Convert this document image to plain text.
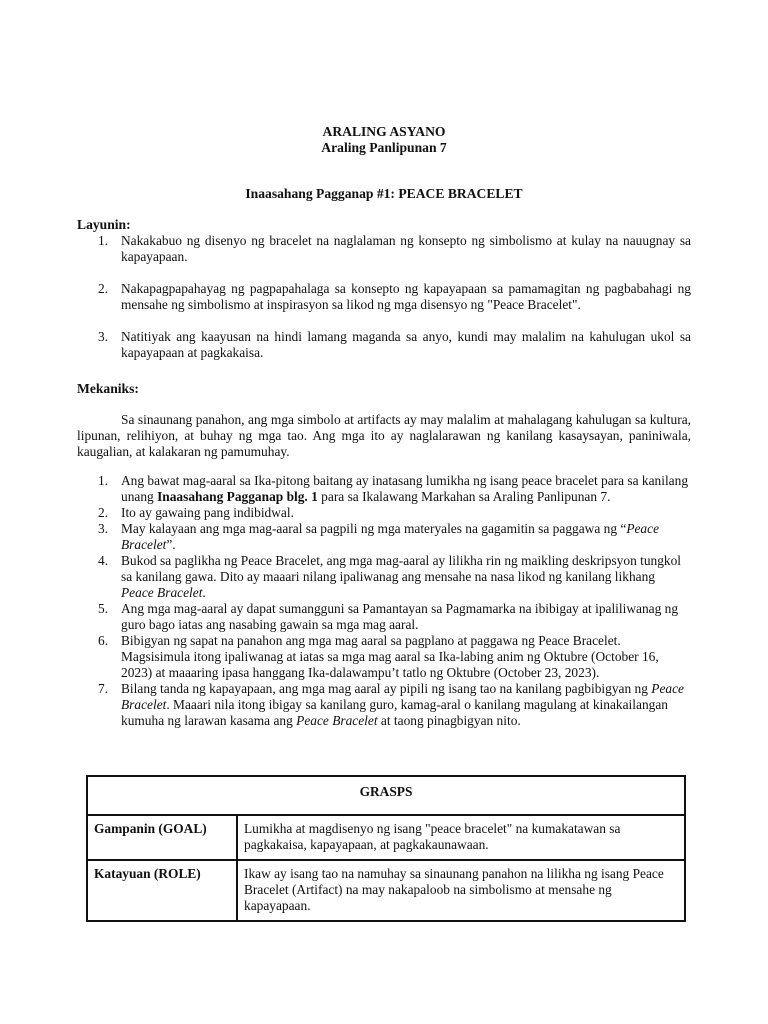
ARALING ASYANO
Araling Panlipunan 7
Inaasahang Pagganap #1: PEACE BRACELET
Layunin:
1. Nakakabuo ng disenyo ng bracelet na naglalaman ng konsepto ng simbolismo at kulay na nauugnay sa kapayapaan.
2. Nakapagpapahayag ng pagpapahalaga sa konsepto ng kapayapaan sa pamamagitan ng pagbabahagi ng mensahe ng simbolismo at inspirasyon sa likod ng mga disensyo ng "Peace Bracelet".
3. Natitiyak ang kaayusan na hindi lamang maganda sa anyo, kundi may malalim na kahulugan ukol sa kapayapaan at pagkakaisa.
Mekaniks:

Sa sinaunang panahon, ang mga simbolo at artifacts ay may malalim at mahalagang kahulugan sa kultura, lipunan, relihiyon, at buhay ng mga tao. Ang mga ito ay naglalarawan ng kanilang kasaysayan, paniniwala, kaugalian, at kalakaran ng pamumuhay.

1. Ang bawat mag-aaral sa Ika-pitong baitang ay inatasang lumikha ng isang peace bracelet para sa kanilang unang Inaasahang Pagganap blg. 1 para sa Ikalawang Markahan sa Araling Panlipunan 7.
2. Ito ay gawaing pang indibidwal.
3. May kalayaan ang mga mag-aaral sa pagpili ng mga materyales na gagamitin sa paggawa ng “Peace Bracelet”.
4. Bukod sa paglikha ng Peace Bracelet, ang mga mag-aaral ay lilikha rin ng maikling deskripsyon tungkol sa kanilang gawa. Dito ay maaari nilang ipaliwanag ang mensahe na nasa likod ng kanilang likhang Peace Bracelet.
5. Ang mga mag-aaral ay dapat sumangguni sa Pamantayan sa Pagmamarka na ibibigay at ipaliliwanag ng guro bago iatas ang nasabing gawain sa mga mag aaral.
6. Bibigyan ng sapat na panahon ang mga mag aaral sa pagplano at paggawa ng Peace Bracelet. Magsisimula itong ipaliwanag at iatas sa mga mag aaral sa Ika-labing anim ng Oktubre (October 16, 2023) at maaaring ipasa hanggang Ika-dalawampu’t tatlo ng Oktubre (October 23, 2023).
7. Bilang tanda ng kapayapaan, ang mga mag aaral ay pipili ng isang tao na kanilang pagbibigyan ng Peace Bracelet. Maaari nila itong ibigay sa kanilang guro, kamag-aral o kanilang magulang at kinakailangan kumuha ng larawan kasama ang Peace Bracelet at taong pinagbigyan nito.
GRASPS	
Gampanin (GOAL)	Lumikha at magdisenyo ng isang "peace bracelet" na kumakatawan sa pagkakaisa, kapayapaan, at pagkakaunawaan.
Katayuan (ROLE)	Ikaw ay isang tao na namuhay sa sinaunang panahon na lilikha ng isang Peace Bracelet (Artifact) na may nakapaloob na simbolismo at mensahe ng kapayapaan.
